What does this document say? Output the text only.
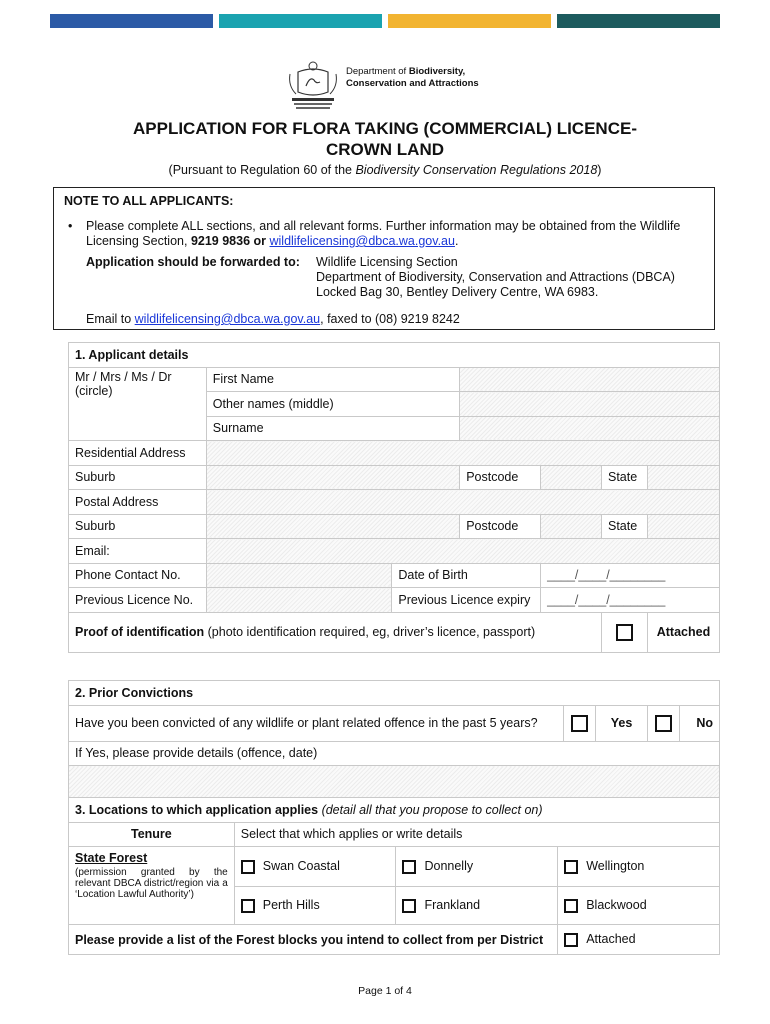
Department of Biodiversity,
Conservation and Attractions
APPLICATION FOR FLORA TAKING (COMMERCIAL) LICENCE-
CROWN LAND
(Pursuant to Regulation 60 of the Biodiversity Conservation Regulations 2018)
NOTE TO ALL APPLICANTS:
• Please complete ALL sections, and all relevant forms. Further information may be obtained from the Wildlife Licensing Section, 9219 9836 or wildlifelicensing@dbca.wa.gov.au.
Application should be forwarded to:	Wildlife Licensing Section
Department of Biodiversity, Conservation and Attractions (DBCA)
Locked Bag 30, Bentley Delivery Centre, WA 6983.
Email to wildlifelicensing@dbca.wa.gov.au, faxed to (08) 9219 8242
1. Applicant details						
Mr / Mrs / Ms / Dr (circle)	First Name					
	Other names (middle)					
	Surname					
Residential Address						
Suburb			Postcode		State	
Postal Address						
Suburb			Postcode		State	
Email:						
Phone Contact No.		Date of Birth		____/____/________		
Previous Licence No.		Previous Licence expiry		____/____/________		
Proof of identification (photo identification required, eg, driver’s licence, passport)						Attached
2. Prior Convictions
Have you been convicted of any wildlife or plant related offence in the past 5 years?		Yes		No
If Yes, please provide details (offence, date)

3. Locations to which application applies (detail all that you propose to collect on)			
Tenure	Select that which applies or write details		

State Forest
(permission granted by the relevant DBCA district/region via a ‘Location Lawful Authority’)	Swan Coastal	Donnelly	Wellington
	Perth Hills	Frankland	Blackwood
Please provide a list of the Forest blocks you intend to collect from per District			Attached
Page 1 of 4
